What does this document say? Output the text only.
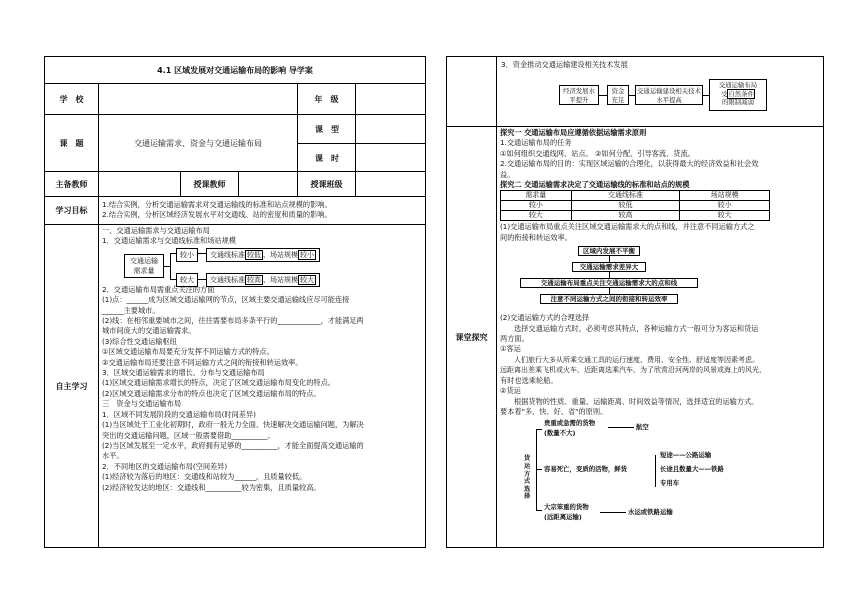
4.1 区域发展对交通运输布局的影响 导学案
学　校	年　级
课　题	交通运输需求、资金与交通运输布局
课　型
课　时
主备教师	授课教师	授课班级
学习目标
1.结合实例，分析交通运输需求对交通运输线的标准和站点规模的影响。
2.结合实例，分析区域经济发展水平对交通线、站的密度和质量的影响。
自主学习
一、交通运输需求与交通运输布局
1．交通运输需求与交通线标准和场站规模
交通运输需求量
较小
较大
交通线标准 较低 、场站规模 较小
交通线标准 较高 、场站规模 较大
2．交通运输布局需重点关注的方面
(1)点：______成为区域交通运输网的节点，区域主要交通运输线应尽可能连接
______主要城市。
(2)线：在相邻重要城市之间，往往需要布局多条平行的____________，才能满足两
城市间庞大的交通运输需求。
(3)综合性交通运输枢纽
①区域交通运输布局要充分发挥不同运输方式的特点。
②交通运输布局还要注意不同运输方式之间的衔接和转运效率。
3．区域交通运输需求的增长、分布与交通运输布局
(1)区域交通运输需求增长的特点，决定了区域交通运输布局变化的特点。
(2)区域交通运输需求分布的特点也决定了区域交通运输布局的特点。
三　资金与交通运输布局
1．区域不同发展阶段的交通运输布局(时间差异)
(1)当区域处于工业化初期时，政府一般无力全面、快速解决交通运输问题，为解决
突出的交通运输问题，区域一般需要借助__________。
(2)当区域发展至一定水平，政府拥有足够的__________，才能全面提高交通运输的
水平。
2．不同地区的交通运输布局(空间差异)
(1)经济较为落后的地区：交通线和站较为______，且质量较低。
(2)经济较发达的地区：交通线和__________较为密集，且质量较高。
3．资金推动交通运输建设相关技术发展
经济发展水平提升
资金充足
交通运输建设相关技术水平提高
交通运输布局
受自然条件
的限制减弱
课堂探究
探究一 交通运输布局应遵循依据运输需求原则
1.交通运输布局的任务
①如何组织交通线网、站点。 ②如何分配、引导客流、货流。
2.交通运输布局的目的：实现区域运输的合理化，以获得最大的经济效益和社会效
益。
探究二 交通运输需求决定了交通运输线的标准和站点的规模
需求量	交通线标准	场站规模
较小	较低	较小
较大	较高	较大
(1)交通运输布局重点关注区域交通运输需求大的点和线，并注意不同运输方式之
间的衔接和转运效率。
区域内发展不平衡
交通运输需求差异大
交通运输布局重点关注交通运输需求大的点和线
注意不同运输方式之间的衔接和转运效率
(2)交通运输方式的合理选择
选择交通运输方式时，必须考虑其特点，各种运输方式一般可分为客运和货运
两方面。
①客运
人们旅行大多从所乘交通工具的运行速度、费用、安全性、舒适度等因素考虑。
远距离出差乘飞机或火车，近距离选乘汽车，为了欣赏沿河两岸的风景或海上的风光，
有时也选乘轮船。
②货运
根据货物的性质、重量、运输距离、时间效益等情况，选择适宜的运输方式。
要本着"多、快、好、省"的原则。
货运方式选择
贵重或急需的货物
(数量不大)
航空
容易死亡，变质的活物，鲜货
短途——公路运输
长途且数量大——铁路
专用车
大宗笨重的货物
(远距离运输)
水运或铁路运输
